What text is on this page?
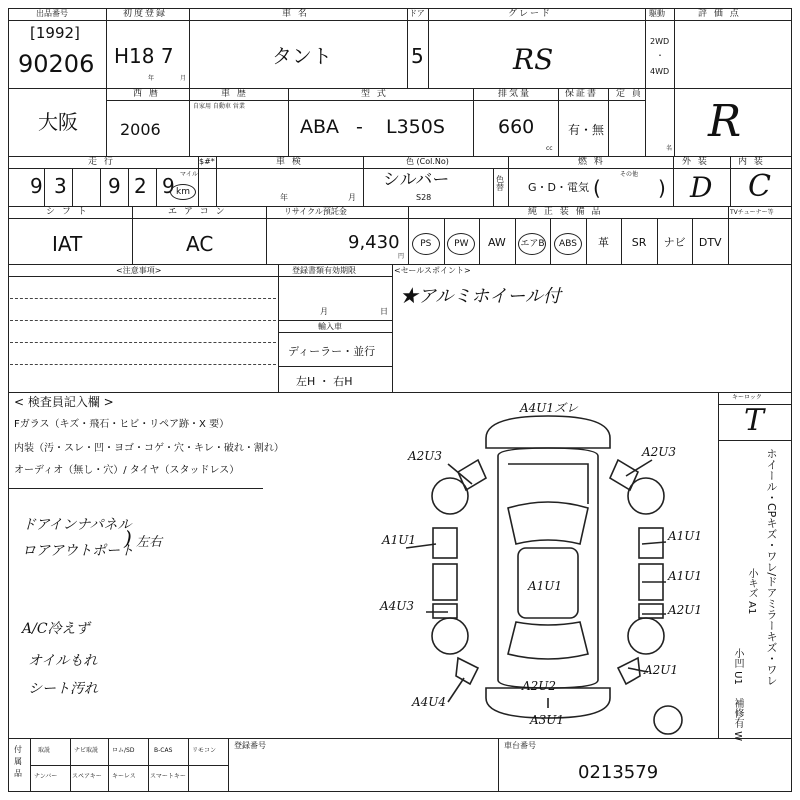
出品番号
[1992]
90206
初度登録
H18 7
年	月
車 名
タント
ドア
5
グレード
RS
駆動
2WD
・
4WD
評 価 点
R
大阪
西 暦
2006
車 歴
自家用 自動車 営業
型 式
ABA - L350S
排気量
660
cc
保証書
有・無
定 員
名
走 行
9 3 9 2 9
$#*
マイル
km
車 検
年	月
色 (Col.No)
シルバー
S28
色替
燃 料
G・D・電気 (	)
その他
外 装
D
内 装
C
シ フ ト
IAT
エ ア コ ン
AC
リサイクル預託金
9,430
円
純 正 装 備 品	TVチューナー等
<注意事項>	登録書類有効期限
月	日
輸入車
ディーラー・並行
左H ・ 右H
<セールスポイント>
★アルミホイール付
< 検査員記入欄 >
Fガラス（キズ・飛石・ヒビ・リペア跡・X 要）
内装（汚・スレ・凹・ヨゴ・コゲ・穴・キレ・破れ・割れ）
オーディオ（無し・穴）/ タイヤ（スタッドレス）
ドアインナパネル
ロアアウトポート
) 左右
A/C冷えず
オイルもれ
シート汚れ
A4U1ズレ
A2U3	A2U3
A1U1	A1U1
A1U1
A1U1
A4U3	A2U1
A2U1
A4U4
A2U2
A3U1
キーロック
T
ホイール・CPキズ・ワレ/ドアミラーキズ・ワレ
小キズ A1
小凹 U1
補修有 W
付属品
取説	ナビ取説 ロム/SD	B-CAS	リモコン
ナンバー スペアキー キーレス スマートキー
登録番号	車台番号
0213579
PS	PW	AW	エアB	ABS	革	SR	ナビ	DTV
